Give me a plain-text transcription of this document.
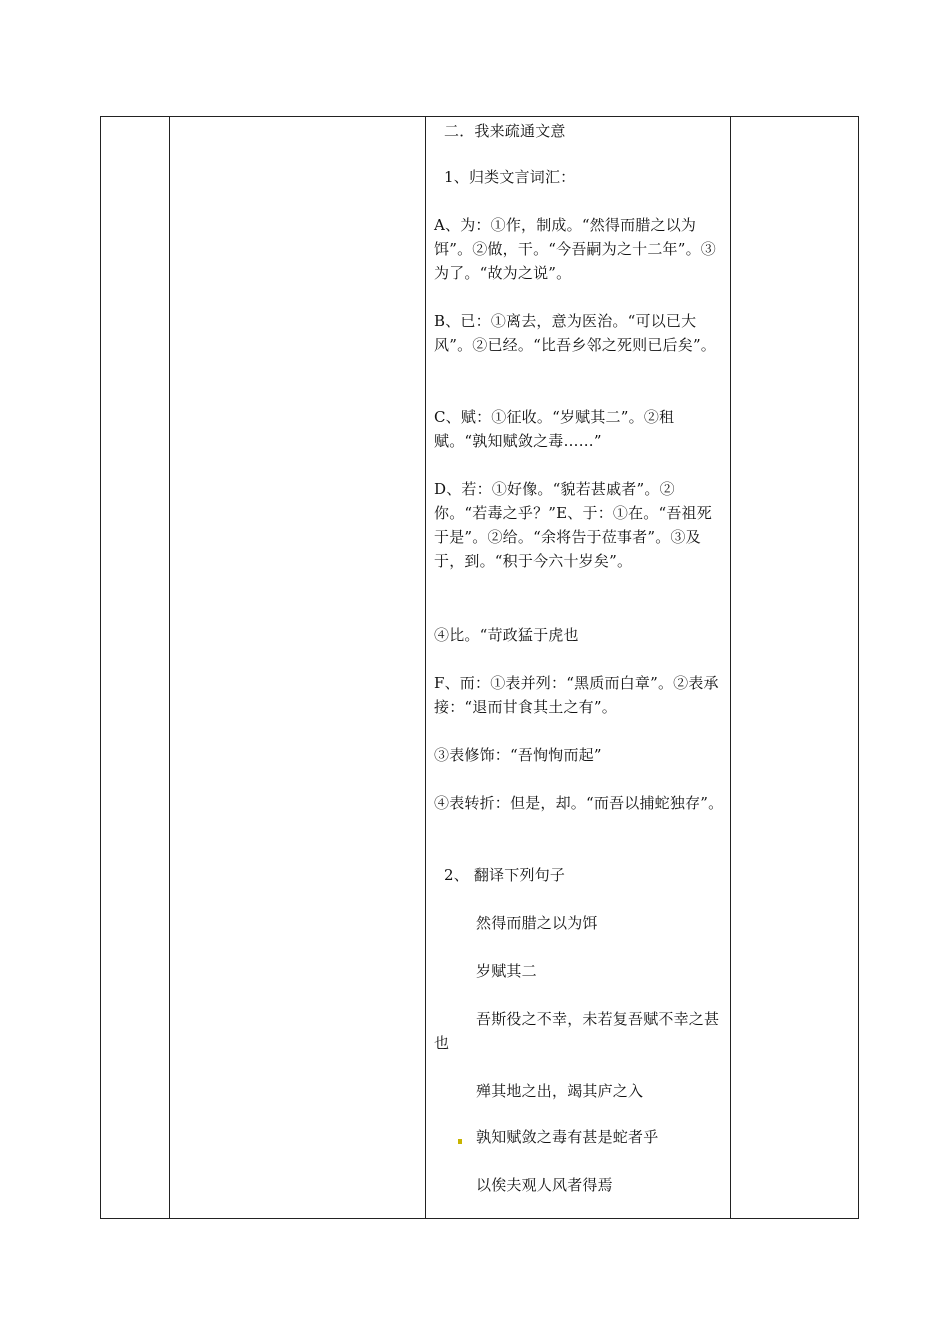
二．我来疏通文意

1、归类文言词汇：

A、为：①作，制成。“然得而腊之以为饵”。②做，干。“今吾嗣为之十二年”。③为了。“故为之说”。

B、已：①离去，意为医治。“可以已大风”。②已经。“比吾乡邻之死则已后矣”。

C、赋：①征收。“岁赋其二”。②租赋。“孰知赋敛之毒……”

D、若：①好像。“貌若甚戚者”。②你。“若毒之乎？”E、于：①在。“吾祖死于是”。②给。“余将告于莅事者”。③及于，到。“积于今六十岁矣”。

④比。“苛政猛于虎也

F、而：①表并列：“黑质而白章”。②表承接：“退而甘食其土之有”。

③表修饰：“吾恂恂而起”

④表转折：但是，却。“而吾以捕蛇独存”。

2、 翻译下列句子

然得而腊之以为饵

岁赋其二

吾斯役之不幸，未若复吾赋不幸之甚也

殚其地之出，竭其庐之入

孰知赋敛之毒有甚是蛇者乎

以俟夫观人风者得焉
